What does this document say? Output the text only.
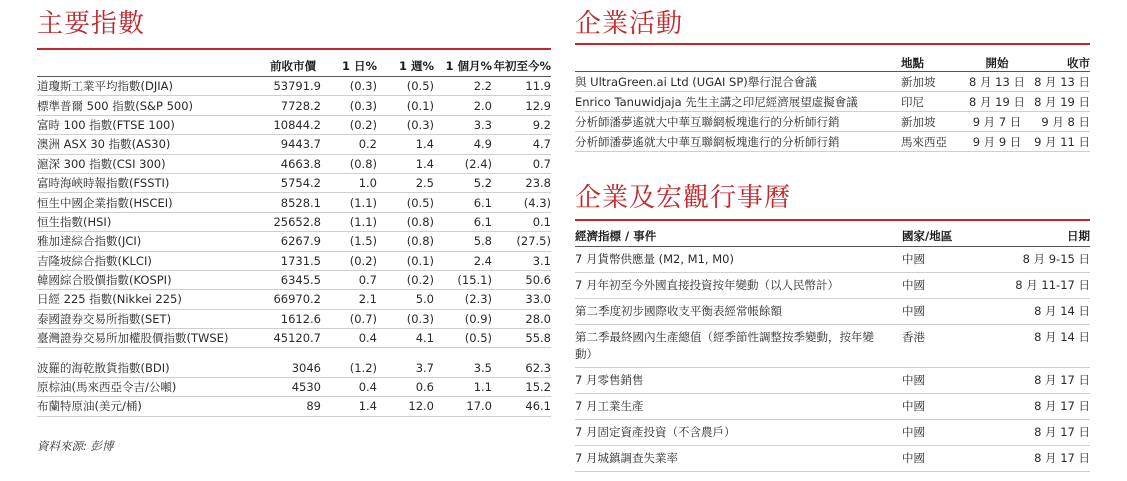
主要指數
	前收市價	1 日%	1 週%	1 個月%	年初至今%
道瓊斯工業平均指數(DJIA)	53791.9	(0.3)	(0.5)	2.2	11.9
標準普爾 500 指數(S&P 500)	7728.2	(0.3)	(0.1)	2.0	12.9
富時 100 指數(FTSE 100)	10844.2	(0.2)	(0.3)	3.3	9.2
澳洲 ASX 30 指數(AS30)	9443.7	0.2	1.4	4.9	4.7
滬深 300 指數(CSI 300)	4663.8	(0.8)	1.4	(2.4)	0.7
富時海峽時報指數(FSSTI)	5754.2	1.0	2.5	5.2	23.8
恒生中國企業指數(HSCEI)	8528.1	(1.1)	(0.5)	6.1	(4.3)
恒生指數(HSI)	25652.8	(1.1)	(0.8)	6.1	0.1
雅加達綜合指數(JCI)	6267.9	(1.5)	(0.8)	5.8	(27.5)
吉隆坡綜合指數(KLCI)	1731.5	(0.2)	(0.1)	2.4	3.1
韓國綜合股價指數(KOSPI)	6345.5	0.7	(0.2)	(15.1)	50.6
日經 225 指數(Nikkei 225)	66970.2	2.1	5.0	(2.3)	33.0
泰國證券交易所指數(SET)	1612.6	(0.7)	(0.3)	(0.9)	28.0
臺灣證券交易所加權股價指數(TWSE)	45120.7	0.4	4.1	(0.5)	55.8

波羅的海乾散貨指數(BDI)	3046	(1.2)	3.7	3.5	62.3
原棕油(馬來西亞令吉/公噸)	4530	0.4	0.6	1.1	15.2
布蘭特原油(美元/桶)	89	1.4	12.0	17.0	46.1
資料來源: 彭博
企業活動
	地點	開始	收市
與 UltraGreen.ai Ltd (UGAI SP)舉行混合會議	新加坡	8 月 13 日	8 月 13 日
Enrico Tanuwidjaja 先生主講之印尼經濟展望虛擬會議	印尼	8 月 19 日	8 月 19 日
分析師潘夢遙就大中華互聯網板塊進行的分析師行銷	新加坡	9 月 7 日	9 月 8 日
分析師潘夢遙就大中華互聯網板塊進行的分析師行銷	馬來西亞	9 月 9 日	9 月 11 日
企業及宏觀行事曆
經濟指標 / 事件	國家/地區	日期
7 月貨幣供應量 (M2, M1, M0)	中國	8 月 9-15 日
7 月年初至今外國直接投資按年變動（以人民幣計）	中國	8 月 11-17 日
第二季度初步國際收支平衡表經常帳餘額	中國	8 月 14 日
第二季最終國內生產總值（經季節性調整按季變動，按年變動）	香港	8 月 14 日
7 月零售銷售	中國	8 月 17 日
7 月工業生產	中國	8 月 17 日
7 月固定資產投資（不含農戶）	中國	8 月 17 日
7 月城鎮調查失業率	中國	8 月 17 日
